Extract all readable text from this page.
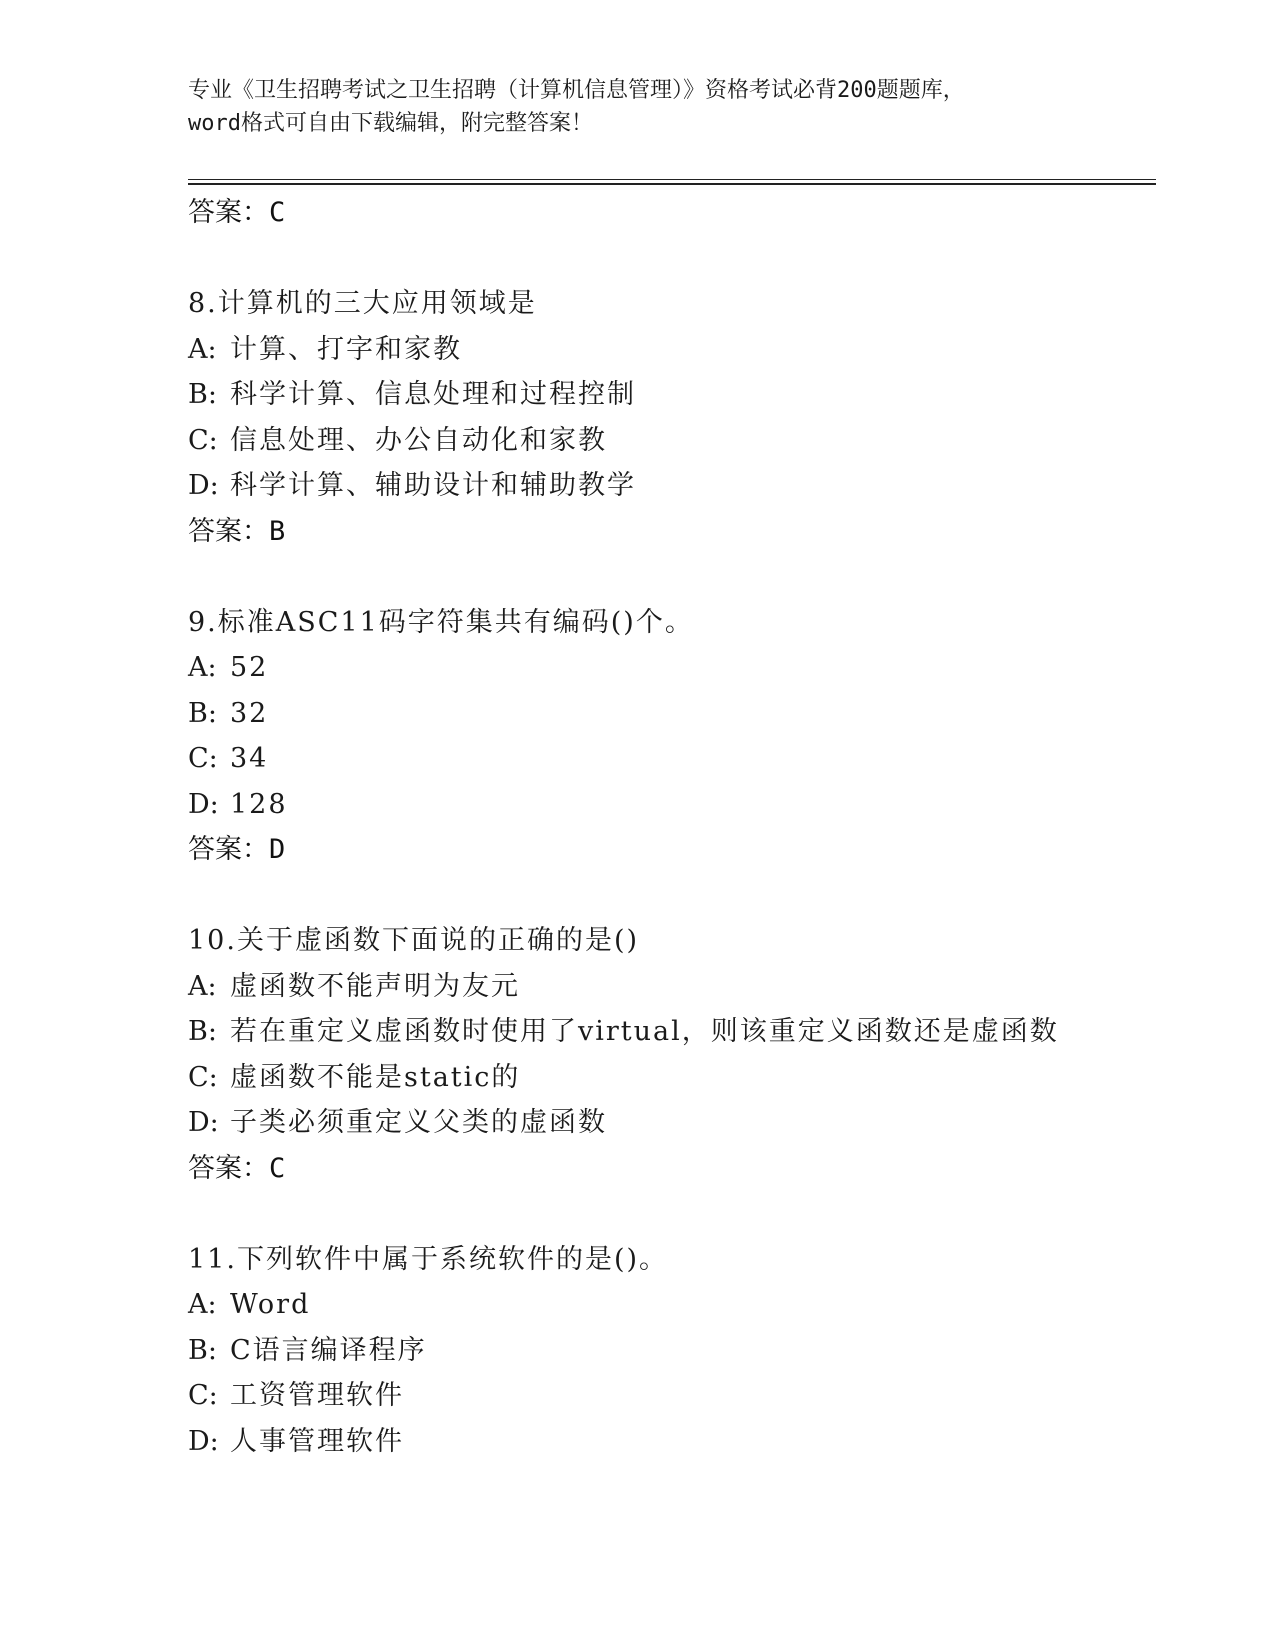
专业《卫生招聘考试之卫生招聘（计算机信息管理）》资格考试必背200题题库，
word格式可自由下载编辑，附完整答案！
答案：C
8.计算机的三大应用领域是
A: 计算、打字和家教
B: 科学计算、信息处理和过程控制
C: 信息处理、办公自动化和家教
D: 科学计算、辅助设计和辅助教学
答案：B
9.标准ASC11码字符集共有编码()个。
A: 52
B: 32
C: 34
D: 128
答案：D
10.关于虚函数下面说的正确的是()
A: 虚函数不能声明为友元
B: 若在重定义虚函数时使用了virtual，则该重定义函数还是虚函数
C: 虚函数不能是static的
D: 子类必须重定义父类的虚函数
答案：C
11.下列软件中属于系统软件的是()。
A: Word
B: C语言编译程序
C: 工资管理软件
D: 人事管理软件
